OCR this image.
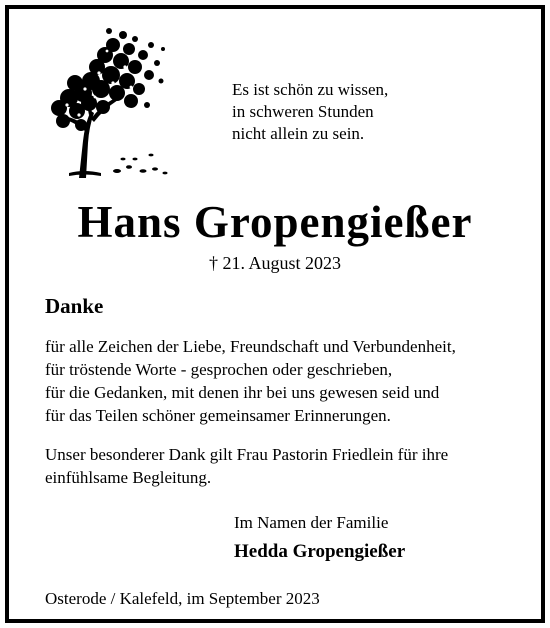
Es ist schön zu wissen,
in schweren Stunden
nicht allein zu sein.
Hans Gropengießer
† 21. August 2023
Danke
für alle Zeichen der Liebe, Freundschaft und Verbundenheit,
für tröstende Worte - gesprochen oder geschrieben,
für die Gedanken, mit denen ihr bei uns gewesen seid und
für das Teilen schöner gemeinsamer Erinnerungen.
Unser besonderer Dank gilt Frau Pastorin Friedlein für ihre
einfühlsame Begleitung.
Im Namen der Familie
Hedda Gropengießer
Osterode / Kalefeld, im September 2023
